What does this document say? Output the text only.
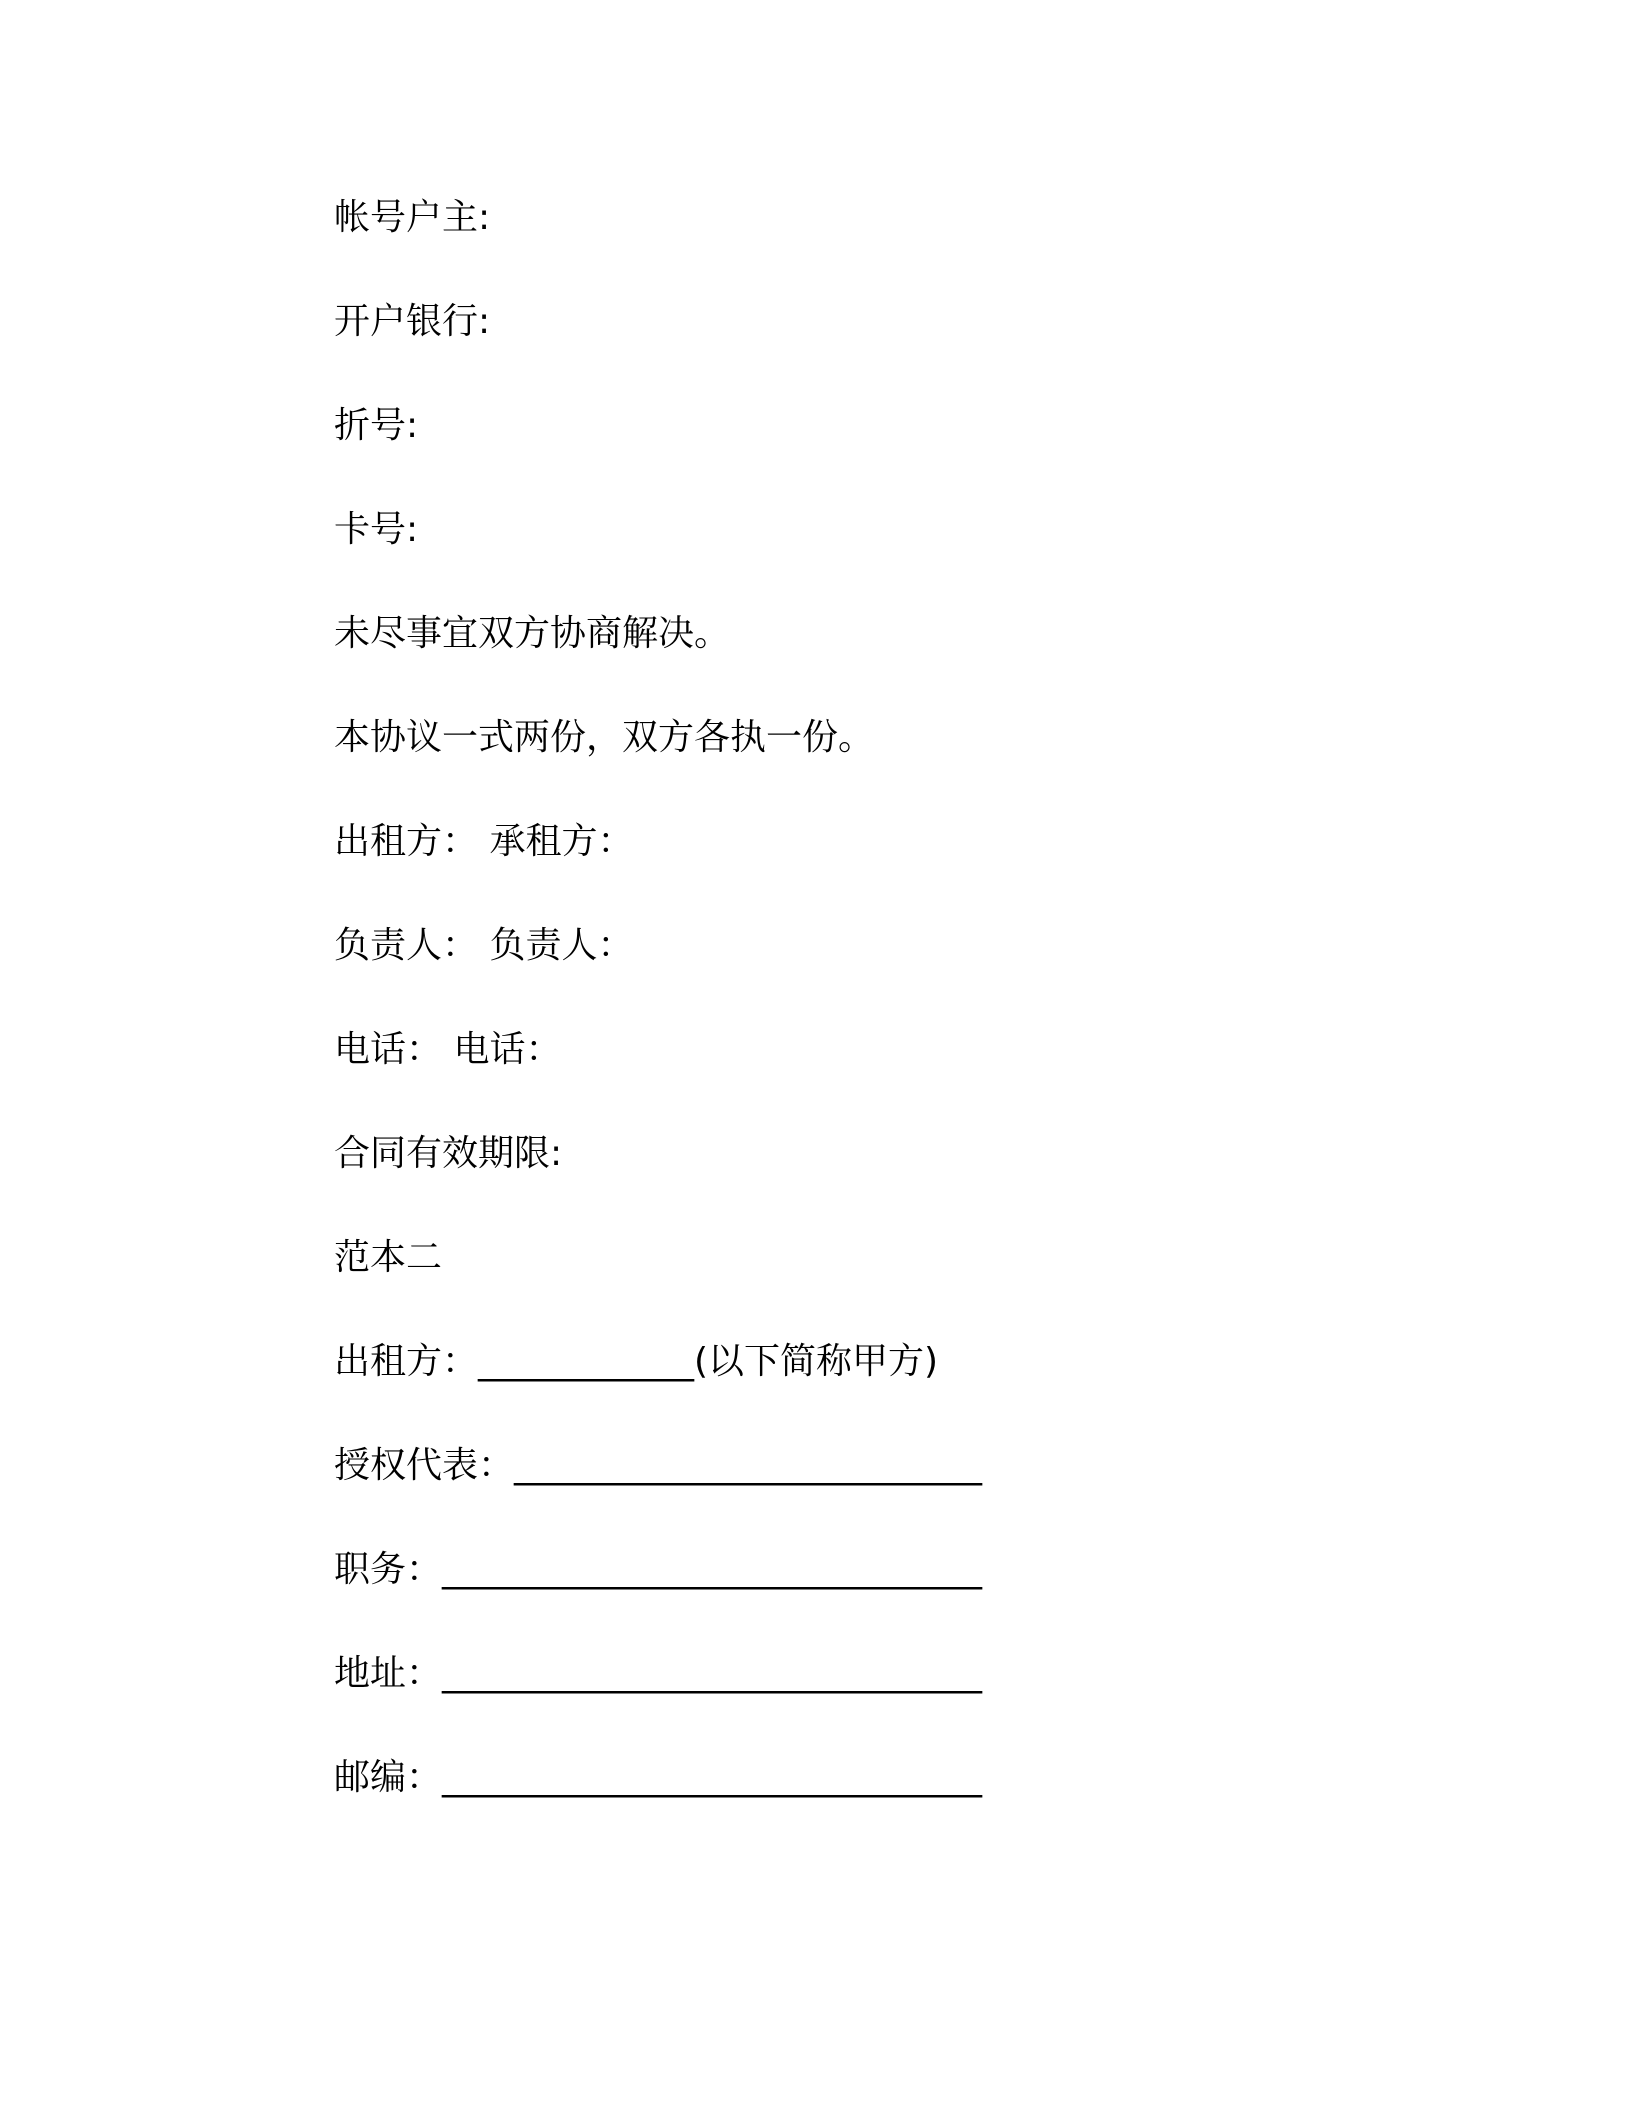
帐号户主:
开户银行:
折号:
卡号:
未尽事宜双方协商解决。
本协议一式两份，双方各执一份。
出租方： 承租方：
负责人： 负责人：
电话： 电话：
合同有效期限:
范本二
出租方：____________(以下简称甲方)
授权代表：__________________________
职务：______________________________
地址：______________________________
邮编：______________________________
